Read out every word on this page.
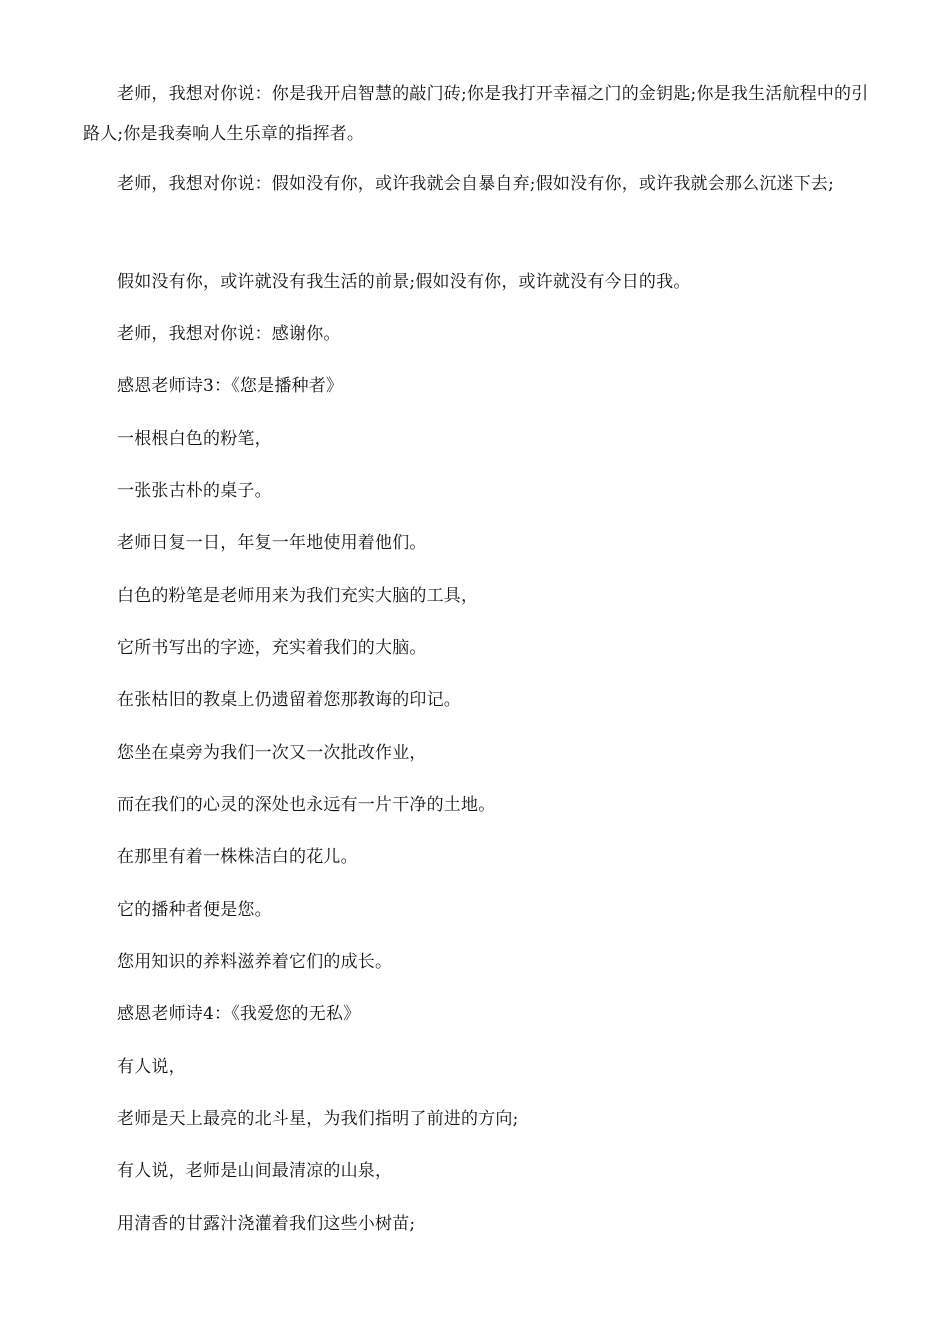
老师，我想对你说：你是我开启智慧的敲门砖;你是我打开幸福之门的金钥匙;你是我生活航程中的引路人;你是我奏响人生乐章的指挥者。

老师，我想对你说：假如没有你，或许我就会自暴自弃;假如没有你，或许我就会那么沉迷下去;

假如没有你，或许就没有我生活的前景;假如没有你，或许就没有今日的我。

老师，我想对你说：感谢你。

感恩老师诗3：《您是播种者》

一根根白色的粉笔，

一张张古朴的桌子。

老师日复一日，年复一年地使用着他们。

白色的粉笔是老师用来为我们充实大脑的工具，

它所书写出的字迹，充实着我们的大脑。

在张枯旧的教桌上仍遗留着您那教诲的印记。

您坐在桌旁为我们一次又一次批改作业，

而在我们的心灵的深处也永远有一片干净的土地。

在那里有着一株株洁白的花儿。

它的播种者便是您。

您用知识的养料滋养着它们的成长。

感恩老师诗4：《我爱您的无私》

有人说，

老师是天上最亮的北斗星，为我们指明了前进的方向;

有人说，老师是山间最清凉的山泉，

用清香的甘露汁浇灌着我们这些小树苗;
